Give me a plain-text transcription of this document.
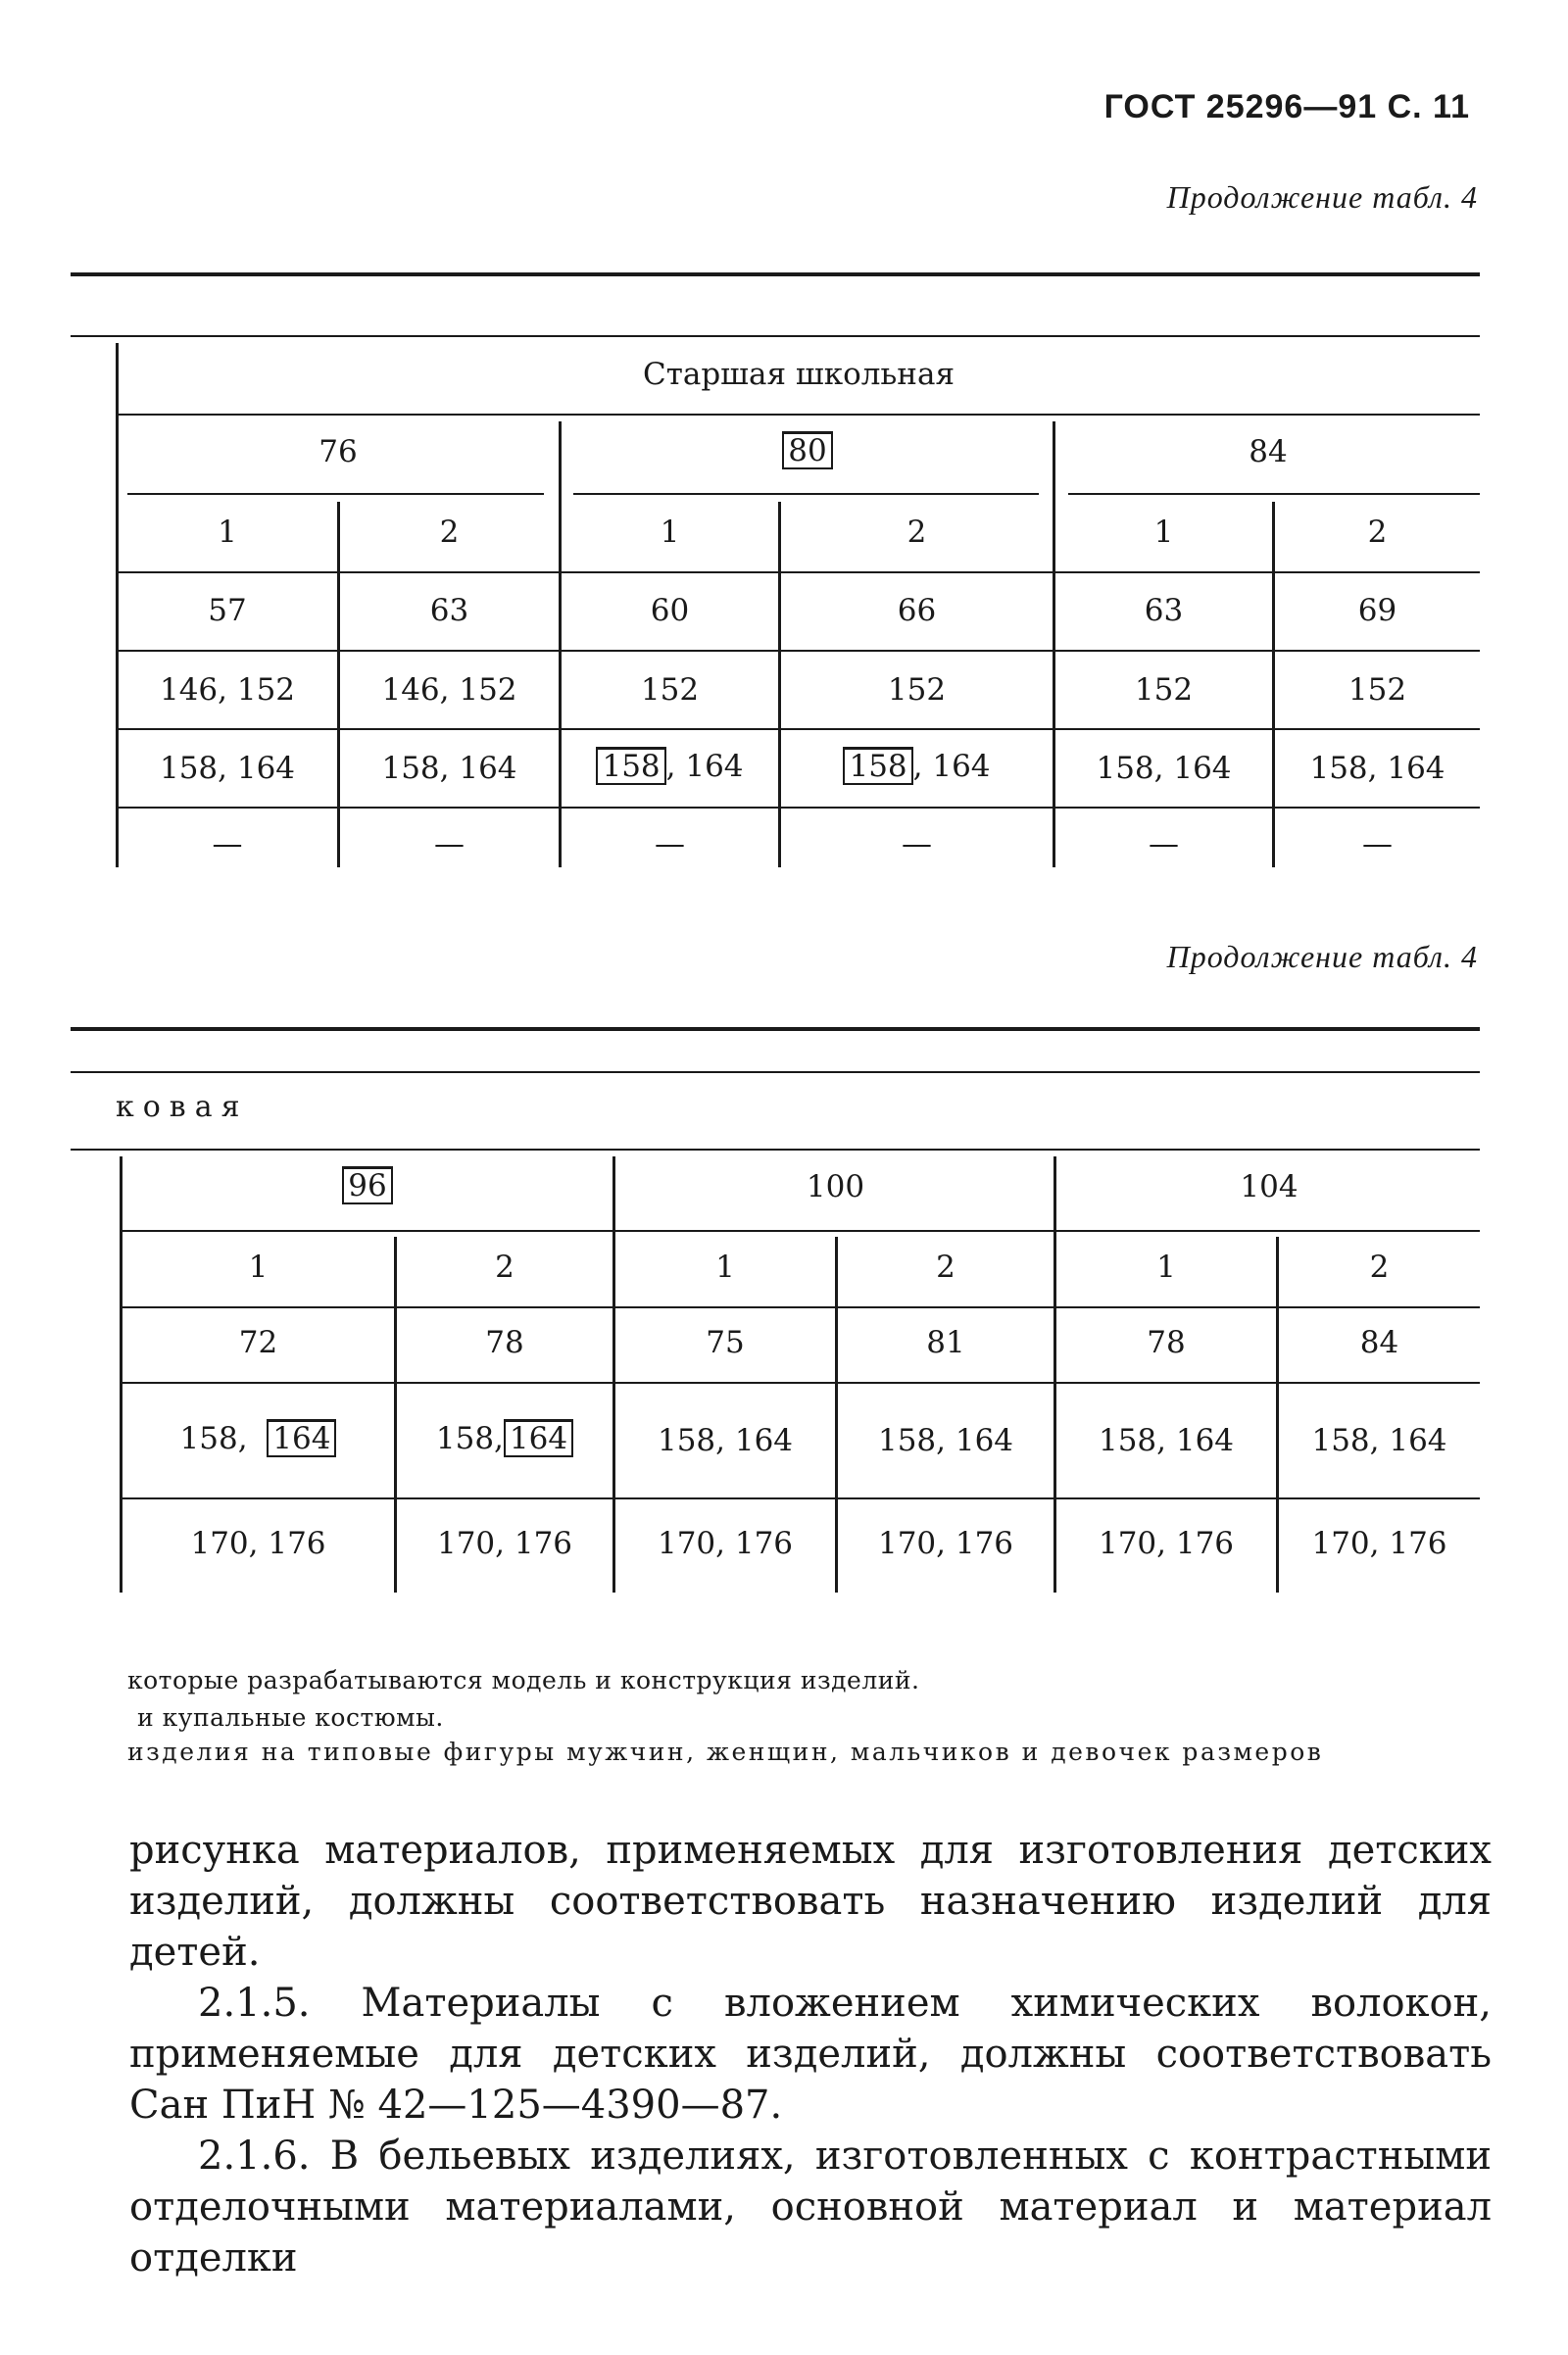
ГОСТ 25296—91 С. 11
Продолжение табл. 4
Старшая школьная
76	80	84
1	2	1	2	1	2
57	63	60	66	63	69
146, 152	146, 152	152	152	152	152
158, 164	158, 164	158 , 164	158 , 164	158, 164	158, 164
—	—	—	—	—	—
Продолжение табл. 4
ковая
96	100	104
1	2	1	2	1	2
72	78	75	81	78	84
158, 164	158, 164	158, 164	158, 164	158, 164	158, 164
170, 176	170, 176	170, 176	170, 176	170, 176	170, 176
которые разрабатываются модель и конструкция изделий.
и купальные костюмы.
изделия на типовые фигуры мужчин, женщин, мальчиков и девочек размеров

рисунка материалов, применяемых для изготовления детских изделий, должны соответствовать назначению изделий для детей.

2.1.5. Материалы с вложением химических волокон, применяемые для детских изделий, должны соответствовать Сан ПиН № 42—125—4390—87.

2.1.6. В бельевых изделиях, изготовленных с контрастными отделочными материалами, основной материал и материал отделки
